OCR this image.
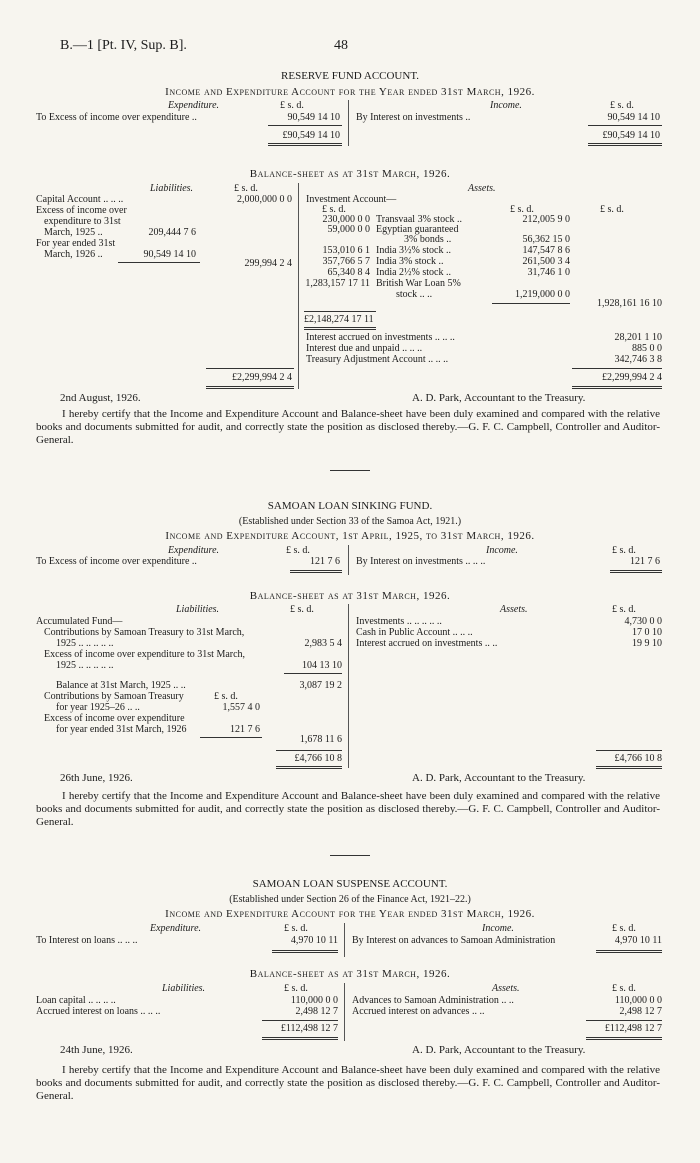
B.—1 [Pt. IV, Sup. B].	48
RESERVE FUND ACCOUNT.
Income and Expenditure Account for the Year ended 31st March, 1926.
Expenditure.	£ s. d.	Income.	£ s. d.
To Excess of income over expenditure ..	90,549 14 10 By Interest on investments ..	90,549 14 10
£90,549 14 10	£90,549 14 10
Balance-sheet as at 31st March, 1926.
Liabilities.	£ s. d.	Assets.
Capital Account .. .. ..	2,000,000 0 0
Excess of income over
expenditure to 31st
March, 1925 ..	209,444 7 6
For year ended 31st
March, 1926 ..	90,549 14 10
299,994 2 4
Investment Account—
£ s. d.	£ s. d.	£ s. d.
230,000 0 0 Transvaal 3% stock ..	212,005 9 0
59,000 0 0 Egyptian guaranteed
3% bonds ..	56,362 15 0
153,010 6 1 India 3½% stock ..	147,547 8 6
357,766 5 7 India 3% stock ..	261,500 3 4
65,340 8 4 India 2½% stock ..	31,746 1 0
1,283,157 17 11 British War Loan 5%
stock .. ..	1,219,000 0 0
1,928,161 16 10
£2,148,274 17 11
Interest accrued on investments .. .. ..	28,201 1 10
Interest due and unpaid .. .. ..	885 0 0
Treasury Adjustment Account .. .. ..	342,746 3 8
£2,299,994 2 4	£2,299,994 2 4
2nd August, 1926.	A. D. Park, Accountant to the Treasury.
I hereby certify that the Income and Expenditure Account and Balance-sheet have been duly examined and compared with the relative books and documents submitted for audit, and correctly state the position as disclosed thereby.—G. F. C. Campbell, Controller and Auditor-General.
SAMOAN LOAN SINKING FUND.
(Established under Section 33 of the Samoa Act, 1921.)
Income and Expenditure Account, 1st April, 1925, to 31st March, 1926.
Expenditure.	£ s. d.	Income.	£ s. d.
To Excess of income over expenditure ..	121 7 6 By Interest on investments .. .. ..	121 7 6
Balance-sheet as at 31st March, 1926.
Liabilities.	£ s. d.	Assets.	£ s. d.
Accumulated Fund—
Contributions by Samoan Treasury to 31st March,
1925 .. .. .. .. ..	2,983 5 4
Excess of income over expenditure to 31st March,
1925 .. .. .. .. ..	104 13 10
Balance at 31st March, 1925 .. ..	3,087 19 2
Contributions by Samoan Treasury	£ s. d.
for year 1925–26 .. ..	1,557 4 0
Excess of income over expenditure
for year ended 31st March, 1926	121 7 6
1,678 11 6
Investments .. .. .. .. ..	4,730 0 0
Cash in Public Account .. .. ..	17 0 10
Interest accrued on investments .. ..	19 9 10
£4,766 10 8	£4,766 10 8
26th June, 1926.	A. D. Park, Accountant to the Treasury.
I hereby certify that the Income and Expenditure Account and Balance-sheet have been duly examined and compared with the relative books and documents submitted for audit, and correctly state the position as disclosed thereby.—G. F. C. Campbell, Controller and Auditor-General.
SAMOAN LOAN SUSPENSE ACCOUNT.
(Established under Section 26 of the Finance Act, 1921–22.)
Income and Expenditure Account for the Year ended 31st March, 1926.
Expenditure.	£ s. d.	Income.	£ s. d.
To Interest on loans .. .. ..	4,970 10 11 By Interest on advances to Samoan Administration	4,970 10 11
Balance-sheet as at 31st March, 1926.
Liabilities.	£ s. d.	Assets.	£ s. d.
Loan capital .. .. .. ..	110,000 0 0
Accrued interest on loans .. .. ..	2,498 12 7
Advances to Samoan Administration .. ..	110,000 0 0
Accrued interest on advances .. ..	2,498 12 7
£112,498 12 7	£112,498 12 7
24th June, 1926.	A. D. Park, Accountant to the Treasury.
I hereby certify that the Income and Expenditure Account and Balance-sheet have been duly examined and compared with the relative books and documents submitted for audit, and correctly state the position as disclosed thereby.—G. F. C. Campbell, Controller and Auditor-General.
